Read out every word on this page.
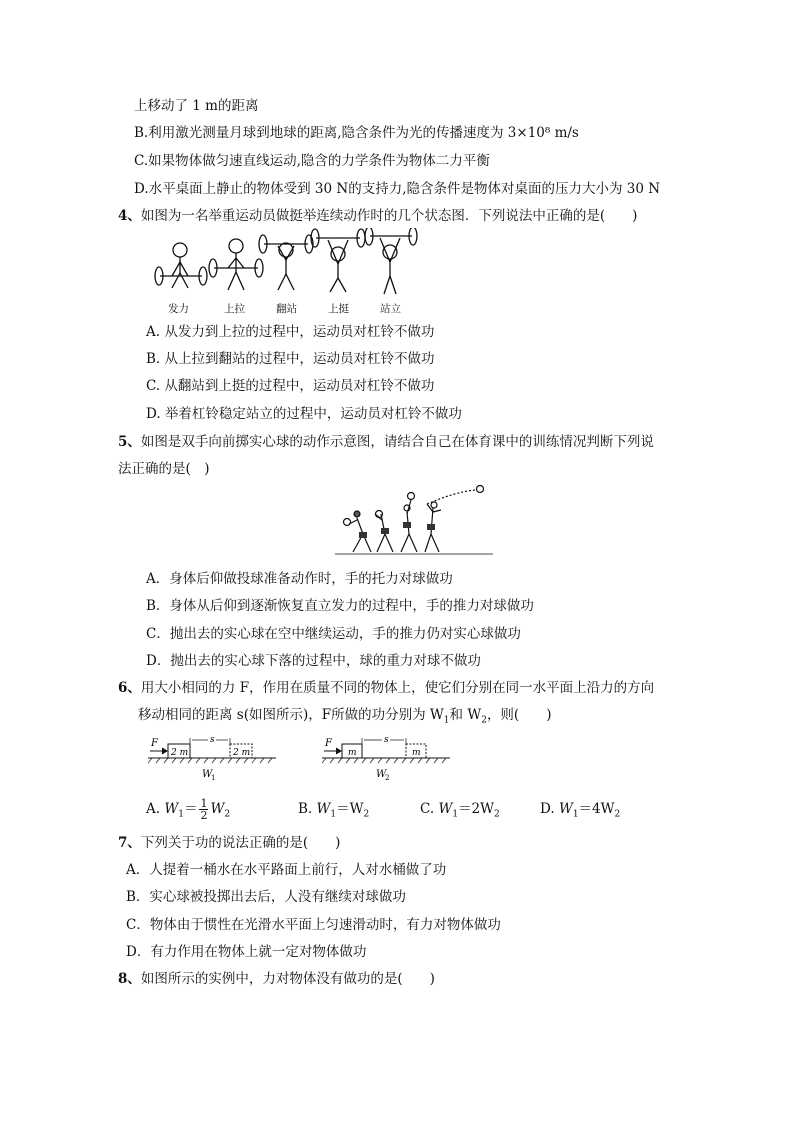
上移动了 1 m的距离
B.利用激光测量月球到地球的距离,隐含条件为光的传播速度为 3×10⁸ m/s
C.如果物体做匀速直线运动,隐含的力学条件为物体二力平衡
D.水平桌面上静止的物体受到 30 N的支持力,隐含条件是物体对桌面的压力大小为 30 N
4、如图为一名举重运动员做挺举连续动作时的几个状态图．下列说法中正确的是(　　)
发力	上拉	翻站	上挺	站立
A. 从发力到上拉的过程中，运动员对杠铃不做功
B. 从上拉到翻站的过程中，运动员对杠铃不做功
C. 从翻站到上挺的过程中，运动员对杠铃不做功
D. 举着杠铃稳定站立的过程中，运动员对杠铃不做功
5、如图是双手向前掷实心球的动作示意图，请结合自己在体育课中的训练情况判断下列说
法正确的是(　)
A．身体后仰做投球准备动作时，手的托力对球做功
B．身体从后仰到逐渐恢复直立发力的过程中，手的推力对球做功
C．抛出去的实心球在空中继续运动，手的推力仍对实心球做功
D．抛出去的实心球下落的过程中，球的重力对球不做功
6、用大小相同的力 F，作用在质量不同的物体上，使它们分别在同一水平面上沿力的方向
移动相同的距离 s(如图所示)，F所做的功分别为 $W_1$和 $W_2$，则(　　)
F
2 m
s
2 m
W
1
F
m
s
m
W
2
A. $W_1= \frac{1}{2} W_2$	B. $W_1=W_2$	C. $W_1=2W_2$	D. $W_1=4W_2$
7、下列关于功的说法正确的是(　　)
A．人提着一桶水在水平路面上前行，人对水桶做了功
B．实心球被投掷出去后，人没有继续对球做功
C．物体由于惯性在光滑水平面上匀速滑动时，有力对物体做功
D．有力作用在物体上就一定对物体做功
8、如图所示的实例中，力对物体没有做功的是(　　)
